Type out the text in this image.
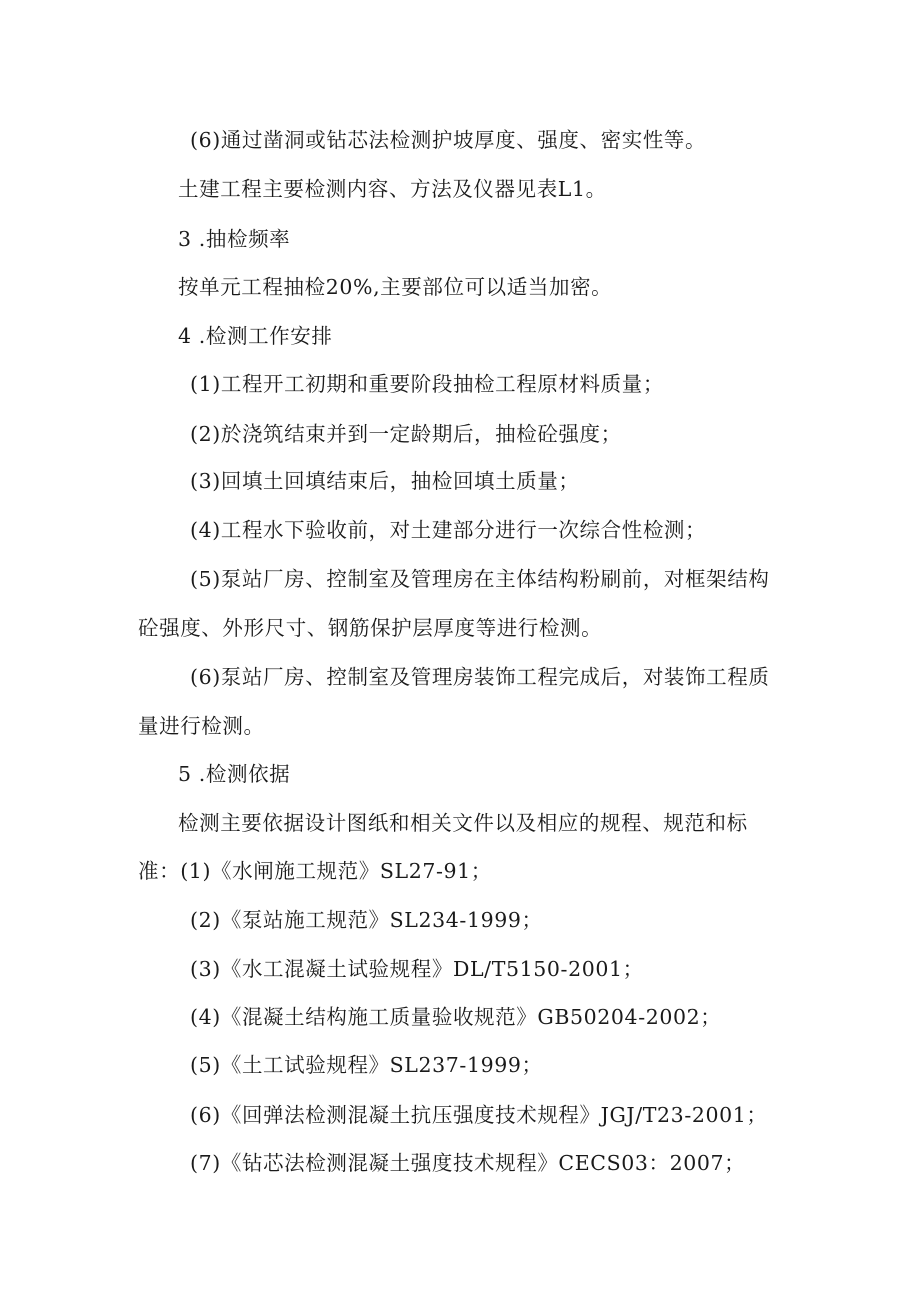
(6)通过凿洞或钻芯法检测护坡厚度、强度、密实性等。
土建工程主要检测内容、方法及仪器见表L1。
3 .抽检频率
按单元工程抽检20%,主要部位可以适当加密。
4 .检测工作安排
(1)工程开工初期和重要阶段抽检工程原材料质量；
(2)於浇筑结束并到一定龄期后，抽检砼强度；
(3)回填土回填结束后，抽检回填土质量；
(4)工程水下验收前，对土建部分进行一次综合性检测；
(5)泵站厂房、控制室及管理房在主体结构粉刷前，对框架结构
砼强度、外形尺寸、钢筋保护层厚度等进行检测。
(6)泵站厂房、控制室及管理房装饰工程完成后，对装饰工程质
量进行检测。
5 .检测依据
检测主要依据设计图纸和相关文件以及相应的规程、规范和标
准：(1)《水闸施工规范》SL27-91；
(2)《泵站施工规范》SL234-1999；
(3)《水工混凝土试验规程》DL/T5150-2001；
(4)《混凝土结构施工质量验收规范》GB50204-2002；
(5)《土工试验规程》SL237-1999；
(6)《回弹法检测混凝土抗压强度技术规程》JGJ/T23-2001；
(7)《钻芯法检测混凝土强度技术规程》CECS03：2007；
